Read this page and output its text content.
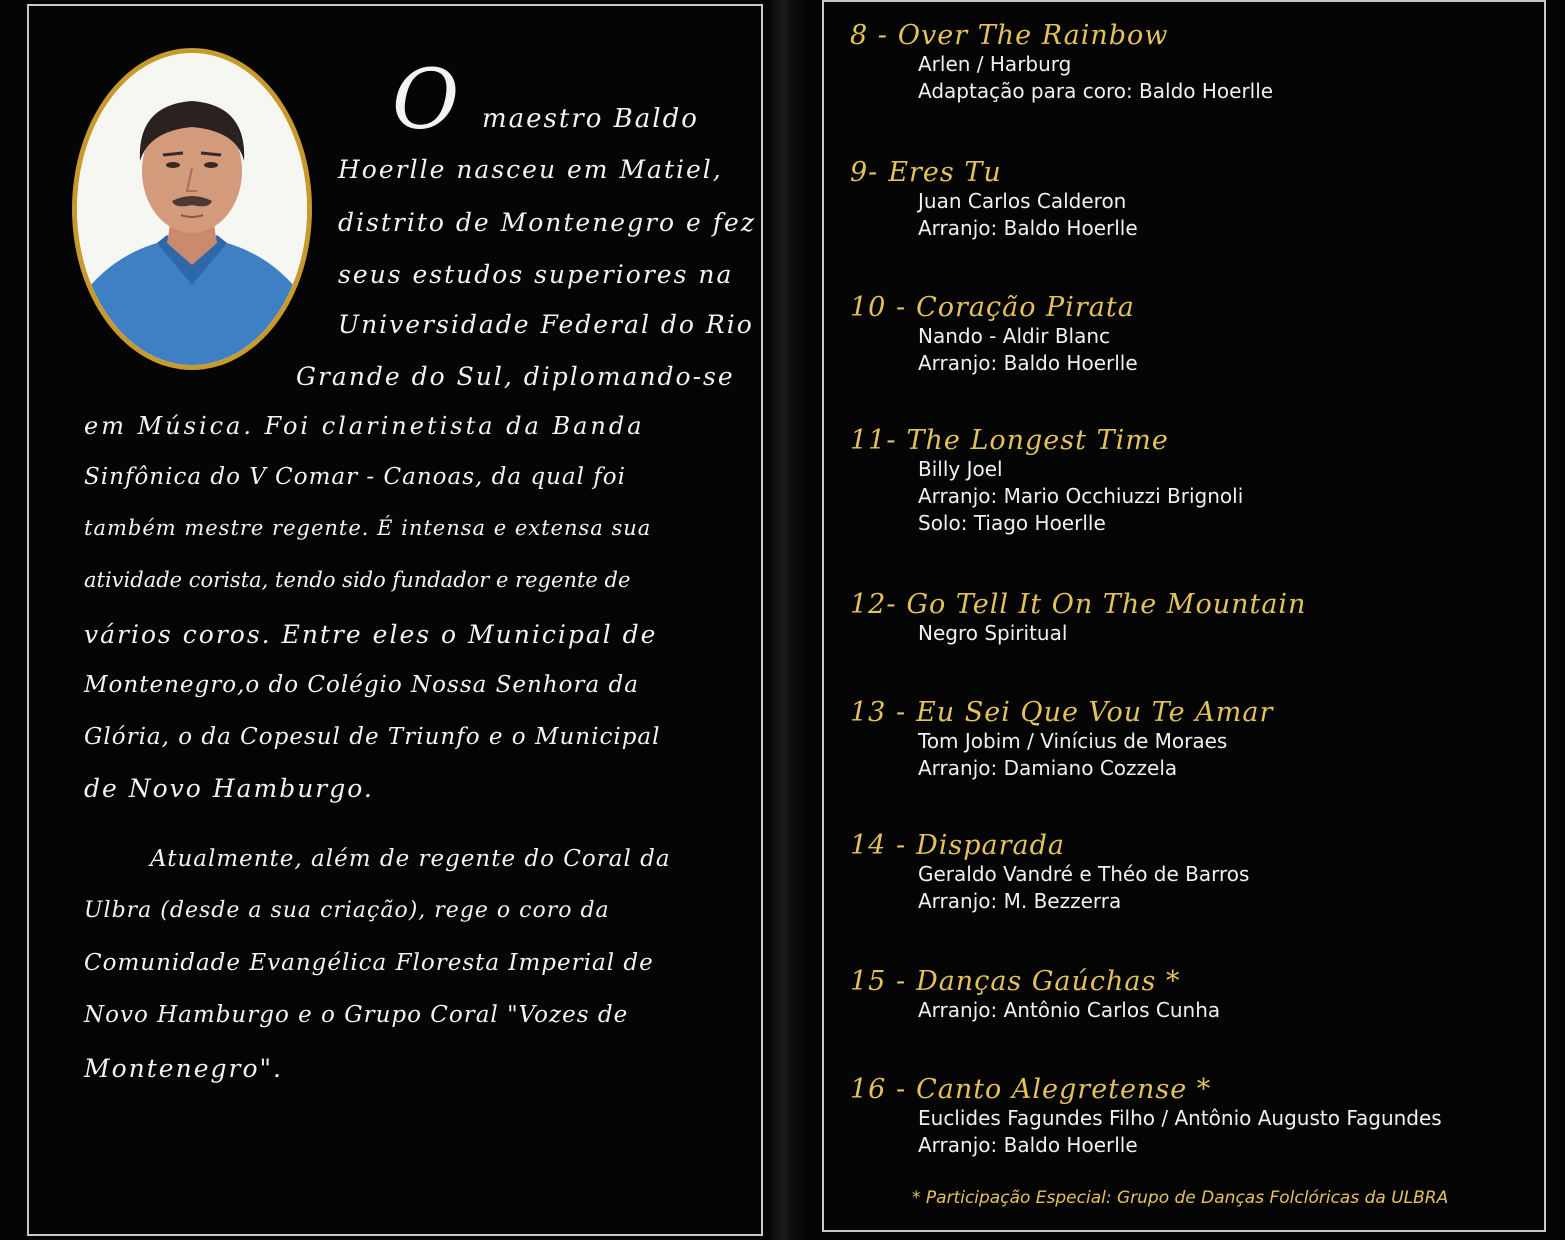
O maestro Baldo
Hoerlle nasceu em Matiel,
distrito de Montenegro e fez
seus estudos superiores na
Universidade Federal do Rio
Grande do Sul, diplomando-se
em Música. Foi clarinetista da Banda
Sinfônica do V Comar - Canoas, da qual foi
também mestre regente. É intensa e extensa sua
atividade corista, tendo sido fundador e regente de
vários coros. Entre eles o Municipal de
Montenegro,o do Colégio Nossa Senhora da
Glória, o da Copesul de Triunfo e o Municipal
de Novo Hamburgo.
Atualmente, além de regente do Coral da
Ulbra (desde a sua criação), rege o coro da
Comunidade Evangélica Floresta Imperial de
Novo Hamburgo e o Grupo Coral "Vozes de
Montenegro".
8 - Over The Rainbow
Arlen / Harburg
Adaptação para coro: Baldo Hoerlle
9- Eres Tu
Juan Carlos Calderon
Arranjo: Baldo Hoerlle
10 - Coração Pirata
Nando - Aldir Blanc
Arranjo: Baldo Hoerlle
11- The Longest Time
Billy Joel
Arranjo: Mario Occhiuzzi Brignoli
Solo: Tiago Hoerlle
12- Go Tell It On The Mountain
Negro Spiritual
13 - Eu Sei Que Vou Te Amar
Tom Jobim / Vinícius de Moraes
Arranjo: Damiano Cozzela
14 - Disparada
Geraldo Vandré e Théo de Barros
Arranjo: M. Bezzerra
15 - Danças Gaúchas *
Arranjo: Antônio Carlos Cunha
16 - Canto Alegretense *
Euclides Fagundes Filho / Antônio Augusto Fagundes
Arranjo: Baldo Hoerlle
* Participação Especial: Grupo de Danças Folclóricas da ULBRA
